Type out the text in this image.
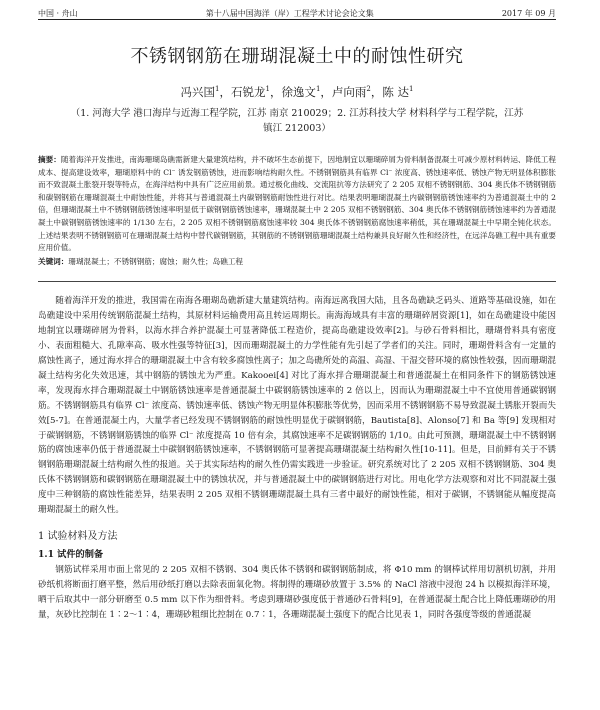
中国 · 舟山	第十八届中国海洋（岸）工程学术讨论会论文集	2017 年 09 月
不锈钢钢筋在珊瑚混凝土中的耐蚀性研究
冯兴国$^1$，石锐龙$^1$，徐逸文$^1$，卢向雨$^2$，陈 达$^1$
（1. 河海大学 港口海岸与近海工程学院，江苏 南京 210029；2. 江苏科技大学 材料科学与工程学院，江苏 镇江 212003）
摘要：随着海洋开发推进，南海珊瑚岛礁需新建大量建筑结构，并不破坏生态前提下，因地制宜以珊瑚碎屑为骨料制备混凝土可减少原材料转运、降低工程成本、提高建设效率，珊瑚原料中的 Cl⁻ 诱发钢筋锈蚀，进而影响结构耐久性。不锈钢钢筋具有临界 Cl⁻ 浓度高、锈蚀速率低、锈蚀产物无明显体积膨胀而不致混凝土胀裂开裂等特点，在海洋结构中具有广泛应用前景。通过极化曲线、交流阻抗等方法研究了 2 205 双相不锈钢钢筋、304 奥氏体不锈钢钢筋和碳钢钢筋在珊瑚混凝土中耐蚀性能，并将其与普通混凝土内碳钢钢筋耐蚀性进行对比。结果表明珊瑚混凝土内碳钢钢筋锈蚀速率约为普通混凝土中的 2 倍，但珊瑚混凝土中不锈钢钢筋锈蚀速率明显低于碳钢钢筋锈蚀速率，珊瑚混凝土中 2 205 双相不锈钢钢筋、304 奥氏体不锈钢钢筋锈蚀速率约为普通混凝土中碳钢钢筋锈蚀速率的 1/130 左右，2 205 双相不锈钢钢筋腐蚀速率较 304 奥氏体不锈钢钢筋腐蚀速率稍低，其在珊瑚混凝土中早期全钝化状态。上述结果表明不锈钢钢筋可在珊瑚混凝土结构中替代碳钢钢筋，其钢筋的不锈钢钢筋珊瑚混凝土结构兼具良好耐久性和经济性，在远洋岛礁工程中具有重要应用价值。
关键词：珊瑚混凝土；不锈钢钢筋；腐蚀；耐久性；岛礁工程
随着海洋开发的推进，我国需在南海各珊瑚岛礁新建大量建筑结构。南海远离我国大陆，且各岛礁缺乏码头、道路等基础设施，如在岛礁建设中采用传统钢筋混凝土结构，其原材料运输费用高且转运周期长。南海海域具有丰富的珊瑚碎屑资源[1]，如在岛礁建设中能因地制宜以珊瑚碎屑为骨料，以海水拌合养护混凝土可显著降低工程造价，提高岛礁建设效率[2]。与砂石骨料相比，珊瑚骨料具有密度小、表面粗糙大、孔隙率高、吸水性强等特征[3]，因而珊瑚混凝土的力学性能有先引起了学者们的关注。同时，珊瑚骨料含有一定量的腐蚀性离子，通过海水拌合的珊瑚混凝土中含有较多腐蚀性离子；加之岛礁所处的高温、高湿、干湿交替环境的腐蚀性较强，因而珊瑚混凝土结构劣化失效迅速，其中钢筋的锈蚀尤为严重。Kakooei[4] 对比了海水拌合珊瑚混凝土和普通混凝土在相同条件下的钢筋锈蚀速率，发现海水拌合珊瑚混凝土中钢筋锈蚀速率是普通混凝土中碳钢筋锈蚀速率的 2 倍以上，因而认为珊瑚混凝土中不宜使用普通碳钢钢筋。不锈钢钢筋具有临界 Cl⁻ 浓度高、锈蚀速率低、锈蚀产物无明显体积膨胀等优势，因而采用不锈钢钢筋不易导致混凝土锈胀开裂而失效[5-7]。在普通混凝土内，大量学者已经发现不锈钢钢筋的耐蚀性明显优于碳钢钢筋，Bautista[8]、Alonso[7] 和 Ba 等[9] 发现相对于碳钢钢筋，不锈钢钢筋锈蚀的临界 Cl⁻ 浓度提高 10 倍有余，其腐蚀速率不足碳钢钢筋的 1/10。由此可预测，珊瑚混凝土中不锈钢钢筋的腐蚀速率仍低于普通混凝土中碳钢钢筋锈蚀速率，不锈钢钢筋可显著提高珊瑚混凝土结构耐久性[10-11]。但是，目前鲜有关于不锈钢钢筋珊瑚混凝土结构耐久性的报道。关于其实际结构的耐久性仍需实践进一步验证。研究系统对比了 2 205 双相不锈钢钢筋、304 奥氏体不锈钢钢筋和碳钢钢筋在珊瑚混凝土中的锈蚀状况，并与普通混凝土中的碳钢钢筋进行对比。用电化学方法观察和对比不同混凝土强度中三种钢筋的腐蚀性能差异，结果表明 2 205 双相不锈钢珊瑚混凝土具有三者中最好的耐蚀性能，相对于碳钢，不锈钢能从幅度提高珊瑚混凝土的耐久性。
1 试验材料及方法
1.1 试件的制备
钢筋试样采用市面上常见的 2 205 双相不锈钢、304 奥氏体不锈钢和碳钢钢筋制成，将 Φ10 mm 的钢棒试样用切割机切割，并用砂纸机将断面打磨平整，然后用砂纸打磨以去除表面氧化物。将制得的珊瑚砂放置于 3.5% 的 NaCl 溶液中浸泡 24 h 以模拟海洋环境，晒干后取其中一部分研磨至 0.5 mm 以下作为细骨料。考虑到珊瑚砂强度低于普通砂石骨料[9]，在普通混凝土配合比上降低珊瑚砂的用量，灰砂比控制在 1∶2～1∶4，珊瑚砂粗细比控制在 0.7∶1，各珊瑚混凝土强度下的配合比见表 1，同时各强度等级的普通混凝
